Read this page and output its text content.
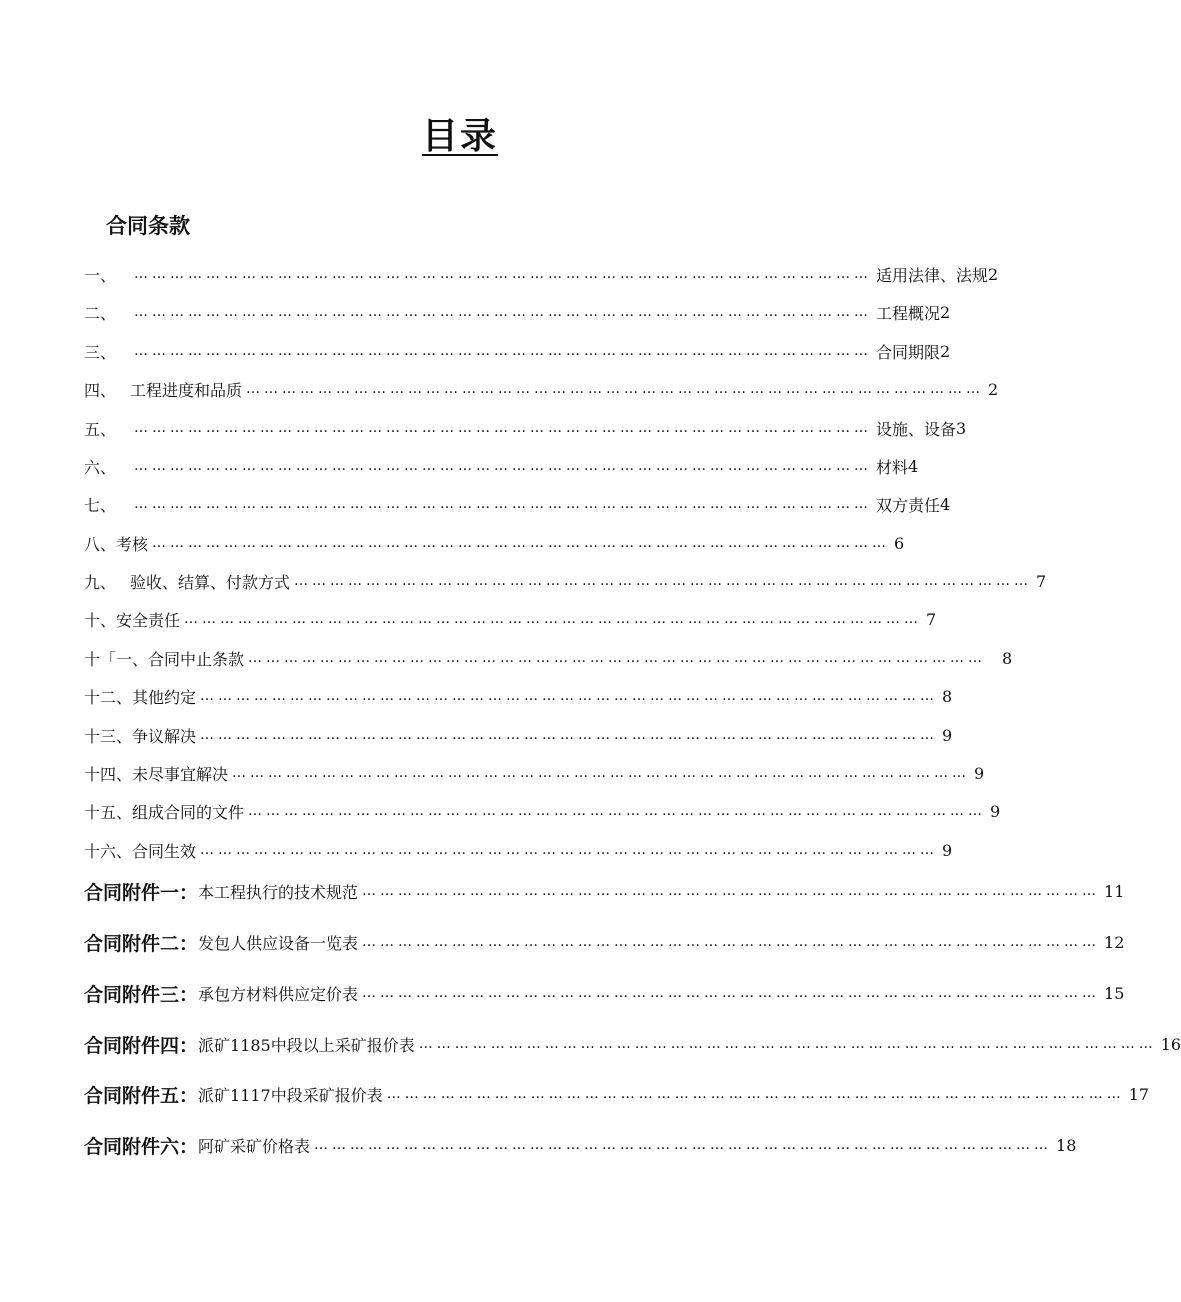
目录
合同条款
一、	…………………………………………………………………………………………………………… 适用法律、法规 2
二、	…………………………………………………………………………………………………………… 工程概况 2
三、	…………………………………………………………………………………………………………… 合同期限 2
四、 工程进度和品质 …………………………………………………………………………………………………………… 2
五、	…………………………………………………………………………………………………………… 设施、设备 3
六、	…………………………………………………………………………………………………………… 材料 4
七、	…………………………………………………………………………………………………………… 双方责任 4
八、 考核 …………………………………………………………………………………………………………… 6
九、 验收、结算、付款方式 …………………………………………………………………………………………………………… 7
十、 安全责任 …………………………………………………………………………………………………………… 7
十「一、 合同中止条款 ……………………………………………………………………………………………………………	8
十二、 其他约定 …………………………………………………………………………………………………………… 8
十三、 争议解决 …………………………………………………………………………………………………………… 9
十四、 未尽事宜解决 …………………………………………………………………………………………………………… 9
十五、 组成合同的文件 …………………………………………………………………………………………………………… 9
十六、 合同生效 …………………………………………………………………………………………………………… 9
合同附件一： 本工程执行的技术规范 …………………………………………………………………………………………………………… 11
合同附件二： 发包人供应设备一览表 …………………………………………………………………………………………………………… 12
合同附件三： 承包方材料供应定价表 …………………………………………………………………………………………………………… 15
合同附件四： 派矿1185中段以上采矿报价表 …………………………………………………………………………………………………………… 16
合同附件五： 派矿1117中段采矿报价表 …………………………………………………………………………………………………………… 17
合同附件六： 阿矿采矿价格表 …………………………………………………………………………………………………………… 18
